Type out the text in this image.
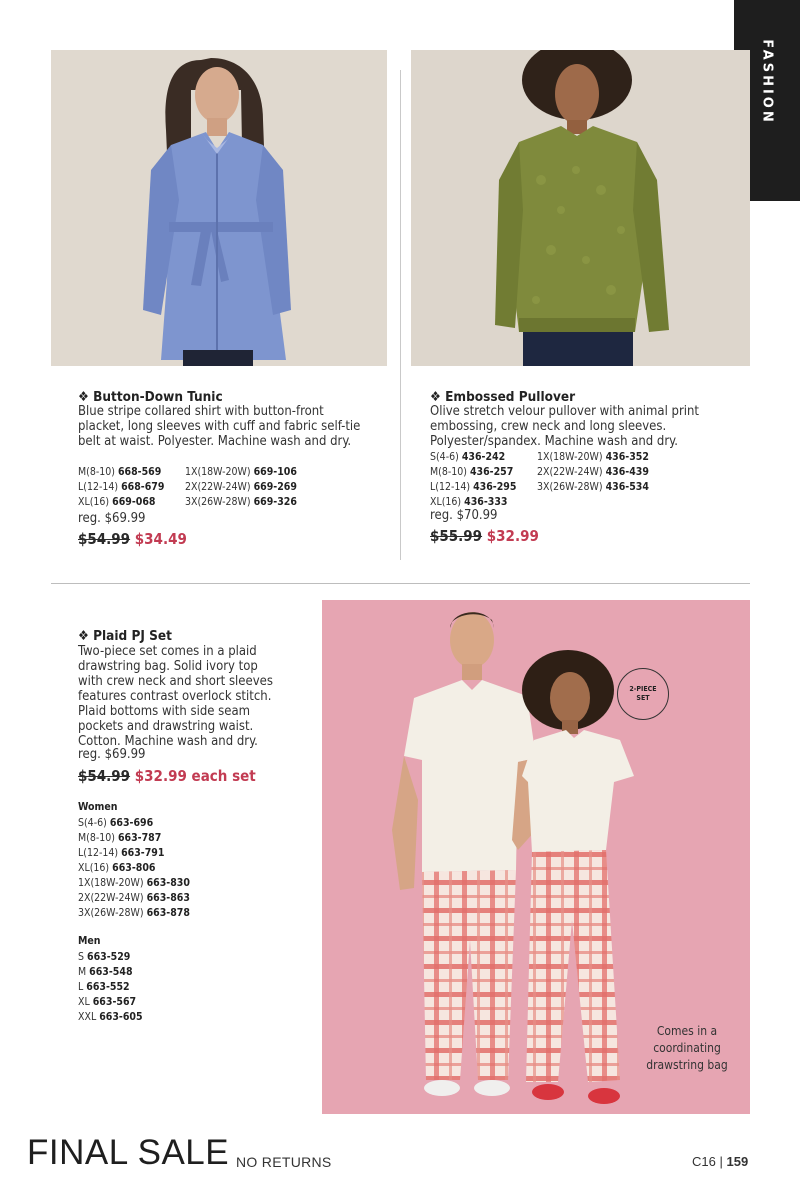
FASHION
❖ Button-Down Tunic
Blue stripe collared shirt with button-front placket, long sleeves with cuff and fabric self-tie belt at waist. Polyester. Machine wash and dry.
M(8-10) 668-569
L(12-14) 668-679
XL(16) 669-068
1X(18W-20W) 669-106
2X(22W-24W) 669-269
3X(26W-28W) 669-326
reg. $69.99
$54.99 $34.49
❖ Embossed Pullover
Olive stretch velour pullover with animal print embossing, crew neck and long sleeves. Polyester/spandex. Machine wash and dry.
S(4-6) 436-242
M(8-10) 436-257
L(12-14) 436-295
XL(16) 436-333
1X(18W-20W) 436-352
2X(22W-24W) 436-439
3X(26W-28W) 436-534
reg. $70.99
$55.99 $32.99
❖ Plaid PJ Set
Two-piece set comes in a plaid
drawstring bag. Solid ivory top
with crew neck and short sleeves
features contrast overlock stitch.
Plaid bottoms with side seam
pockets and drawstring waist.
Cotton. Machine wash and dry.
reg. $69.99
$54.99 $32.99 each set
Women
S(4-6) 663-696
M(8-10) 663-787
L(12-14) 663-791
XL(16) 663-806
1X(18W-20W) 663-830
2X(22W-24W) 663-863
3X(26W-28W) 663-878
Men
S 663-529
M 663-548
L 663-552
XL 663-567
XXL 663-605
2-PIECE
SET
Comes in a
coordinating
drawstring bag
FINAL SALE NO RETURNS	C16 | 159
